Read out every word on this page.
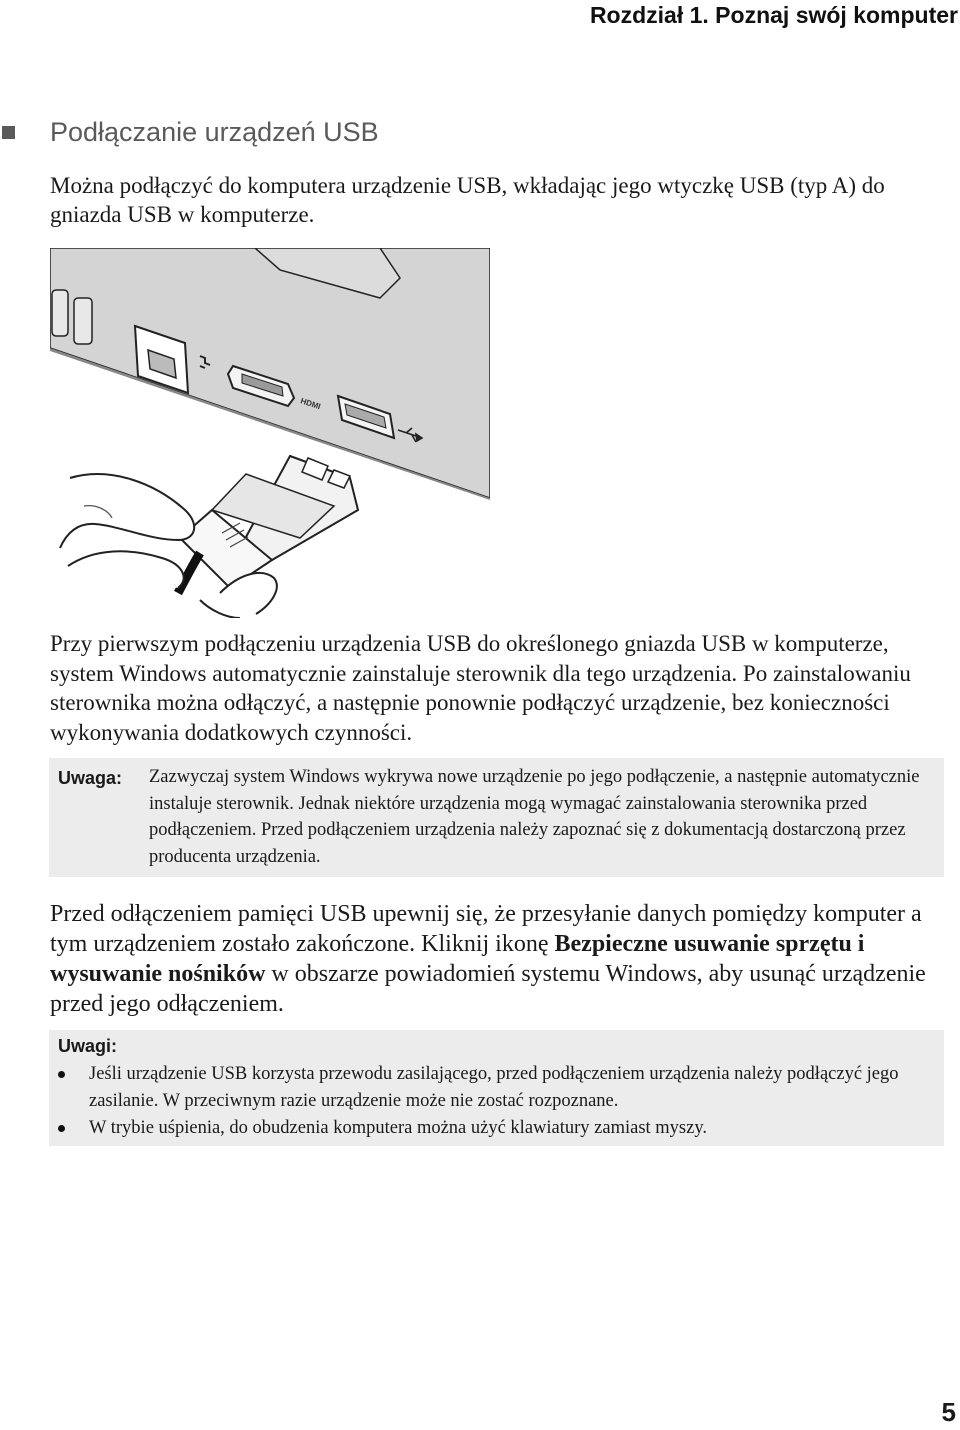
Rozdział 1. Poznaj swój komputer
Podłączanie urządzeń USB

Można podłączyć do komputera urządzenie USB, wkładając jego wtyczkę USB (typ A) do gniazda USB w komputerze.

HDMI

Przy pierwszym podłączeniu urządzenia USB do określonego gniazda USB w komputerze, system Windows automatycznie zainstaluje sterownik dla tego urządzenia. Po zainstalowaniu sterownika można odłączyć, a następnie ponownie podłączyć urządzenie, bez konieczności wykonywania dodatkowych czynności.

Uwaga: Zazwyczaj system Windows wykrywa nowe urządzenie po jego podłączenie, a następnie automatycznie instaluje sterownik. Jednak niektóre urządzenia mogą wymagać zainstalowania sterownika przed podłączeniem. Przed podłączeniem urządzenia należy zapoznać się z dokumentacją dostarczoną przez producenta urządzenia.

Przed odłączeniem pamięci USB upewnij się, że przesyłanie danych pomiędzy komputer a tym urządzeniem zostało zakończone. Kliknij ikonę Bezpieczne usuwanie sprzętu i wysuwanie nośników w obszarze powiadomień systemu Windows, aby usunąć urządzenie przed jego odłączeniem.

Uwagi:
Jeśli urządzenie USB korzysta przewodu zasilającego, przed podłączeniem urządzenia należy podłączyć jego zasilanie. W przeciwnym razie urządzenie może nie zostać rozpoznane.
W trybie uśpienia, do obudzenia komputera można użyć klawiatury zamiast myszy.
5
